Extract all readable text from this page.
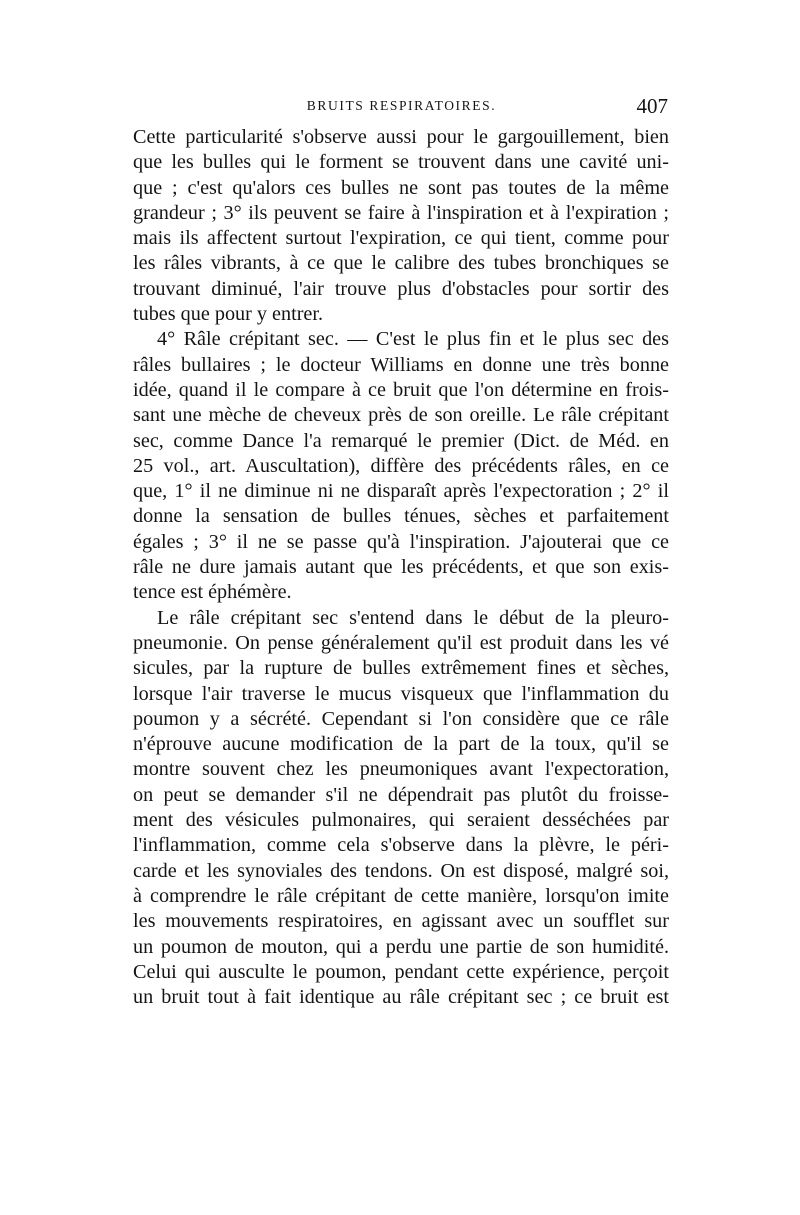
BRUITS RESPIRATOIRES.	407
Cette particularité s'observe aussi pour le gargouillement, bien
que les bulles qui le forment se trouvent dans une cavité uni-
que ; c'est qu'alors ces bulles ne sont pas toutes de la même
grandeur ; 3° ils peuvent se faire à l'inspiration et à l'expiration ;
mais ils affectent surtout l'expiration, ce qui tient, comme pour
les râles vibrants, à ce que le calibre des tubes bronchiques se
trouvant diminué, l'air trouve plus d'obstacles pour sortir des
tubes que pour y entrer.
4° Râle crépitant sec. — C'est le plus fin et le plus sec des
râles bullaires ; le docteur Williams en donne une très bonne
idée, quand il le compare à ce bruit que l'on détermine en frois-
sant une mèche de cheveux près de son oreille. Le râle crépitant
sec, comme Dance l'a remarqué le premier (Dict. de Méd. en
25 vol., art. Auscultation), diffère des précédents râles, en ce
que, 1° il ne diminue ni ne disparaît après l'expectoration ; 2° il
donne la sensation de bulles ténues, sèches et parfaitement
égales ; 3° il ne se passe qu'à l'inspiration. J'ajouterai que ce
râle ne dure jamais autant que les précédents, et que son exis-
tence est éphémère.
Le râle crépitant sec s'entend dans le début de la pleuro-
pneumonie. On pense généralement qu'il est produit dans les vé
sicules, par la rupture de bulles extrêmement fines et sèches,
lorsque l'air traverse le mucus visqueux que l'inflammation du
poumon y a sécrété. Cependant si l'on considère que ce râle
n'éprouve aucune modification de la part de la toux, qu'il se
montre souvent chez les pneumoniques avant l'expectoration,
on peut se demander s'il ne dépendrait pas plutôt du froisse-
ment des vésicules pulmonaires, qui seraient desséchées par
l'inflammation, comme cela s'observe dans la plèvre, le péri-
carde et les synoviales des tendons. On est disposé, malgré soi,
à comprendre le râle crépitant de cette manière, lorsqu'on imite
les mouvements respiratoires, en agissant avec un soufflet sur
un poumon de mouton, qui a perdu une partie de son humidité.
Celui qui ausculte le poumon, pendant cette expérience, perçoit
un bruit tout à fait identique au râle crépitant sec ; ce bruit est
